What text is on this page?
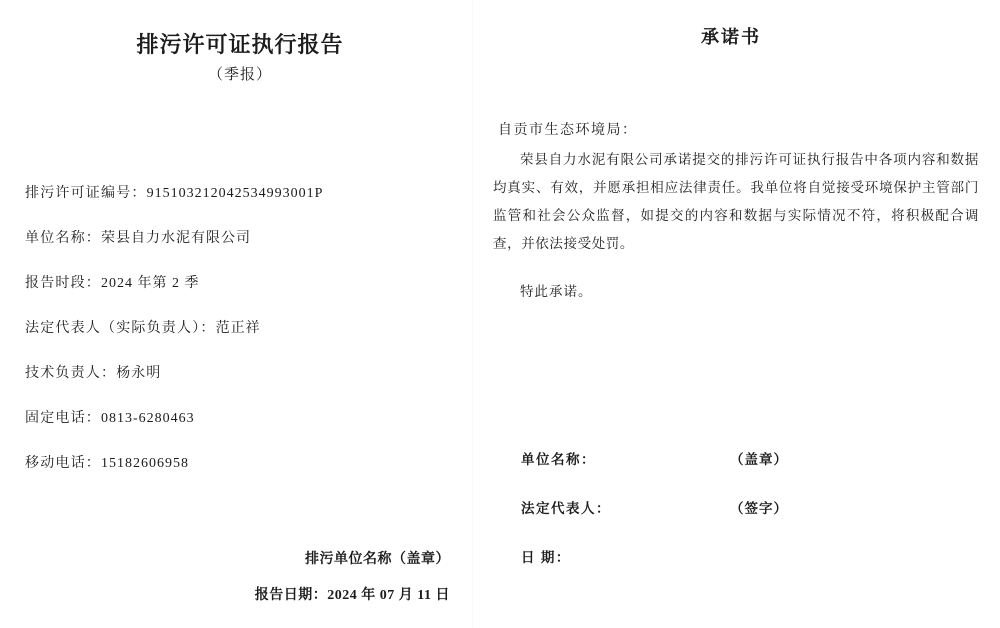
排污许可证执行报告
（季报）
排污许可证编号：915103212042534993001P
单位名称：荣县自力水泥有限公司
报告时段：2024 年第 2 季
法定代表人（实际负责人）：范正祥
技术负责人：杨永明
固定电话：0813-6280463
移动电话：15182606958
排污单位名称（盖章）
报告日期：2024 年 07 月 11 日
承诺书
自贡市生态环境局：

荣县自力水泥有限公司承诺提交的排污许可证执行报告中各项内容和数据均真实、有效，并愿承担相应法律责任。我单位将自觉接受环境保护主管部门监管和社会公众监督，如提交的内容和数据与实际情况不符，将积极配合调查，并依法接受处罚。

特此承诺。
单位名称：	（盖章）
法定代表人：	（签字）
日 期：
